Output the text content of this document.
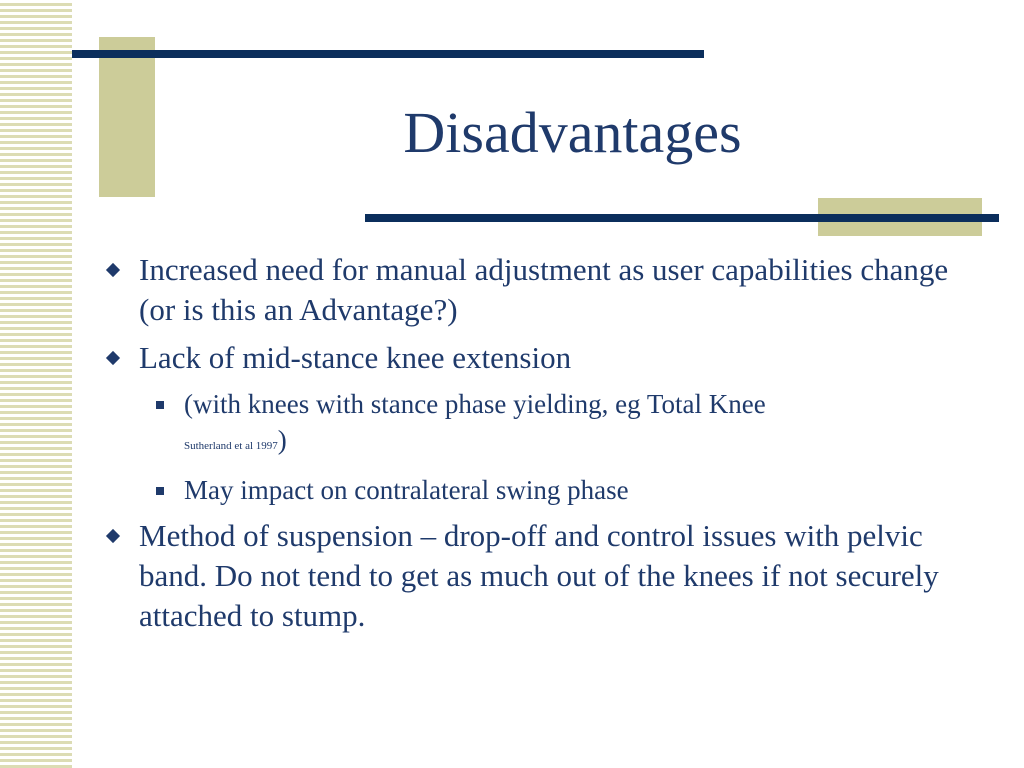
Disadvantages
Increased need for manual adjustment as user capabilities change (or is this an Advantage?)
Lack of mid-stance knee extension
(with knees with stance phase yielding, eg Total Knee
Sutherland et al 1997)
May impact on contralateral swing phase
Method of suspension – drop-off and control issues with pelvic band. Do not tend to get as much out of the knees if not securely attached to stump.
